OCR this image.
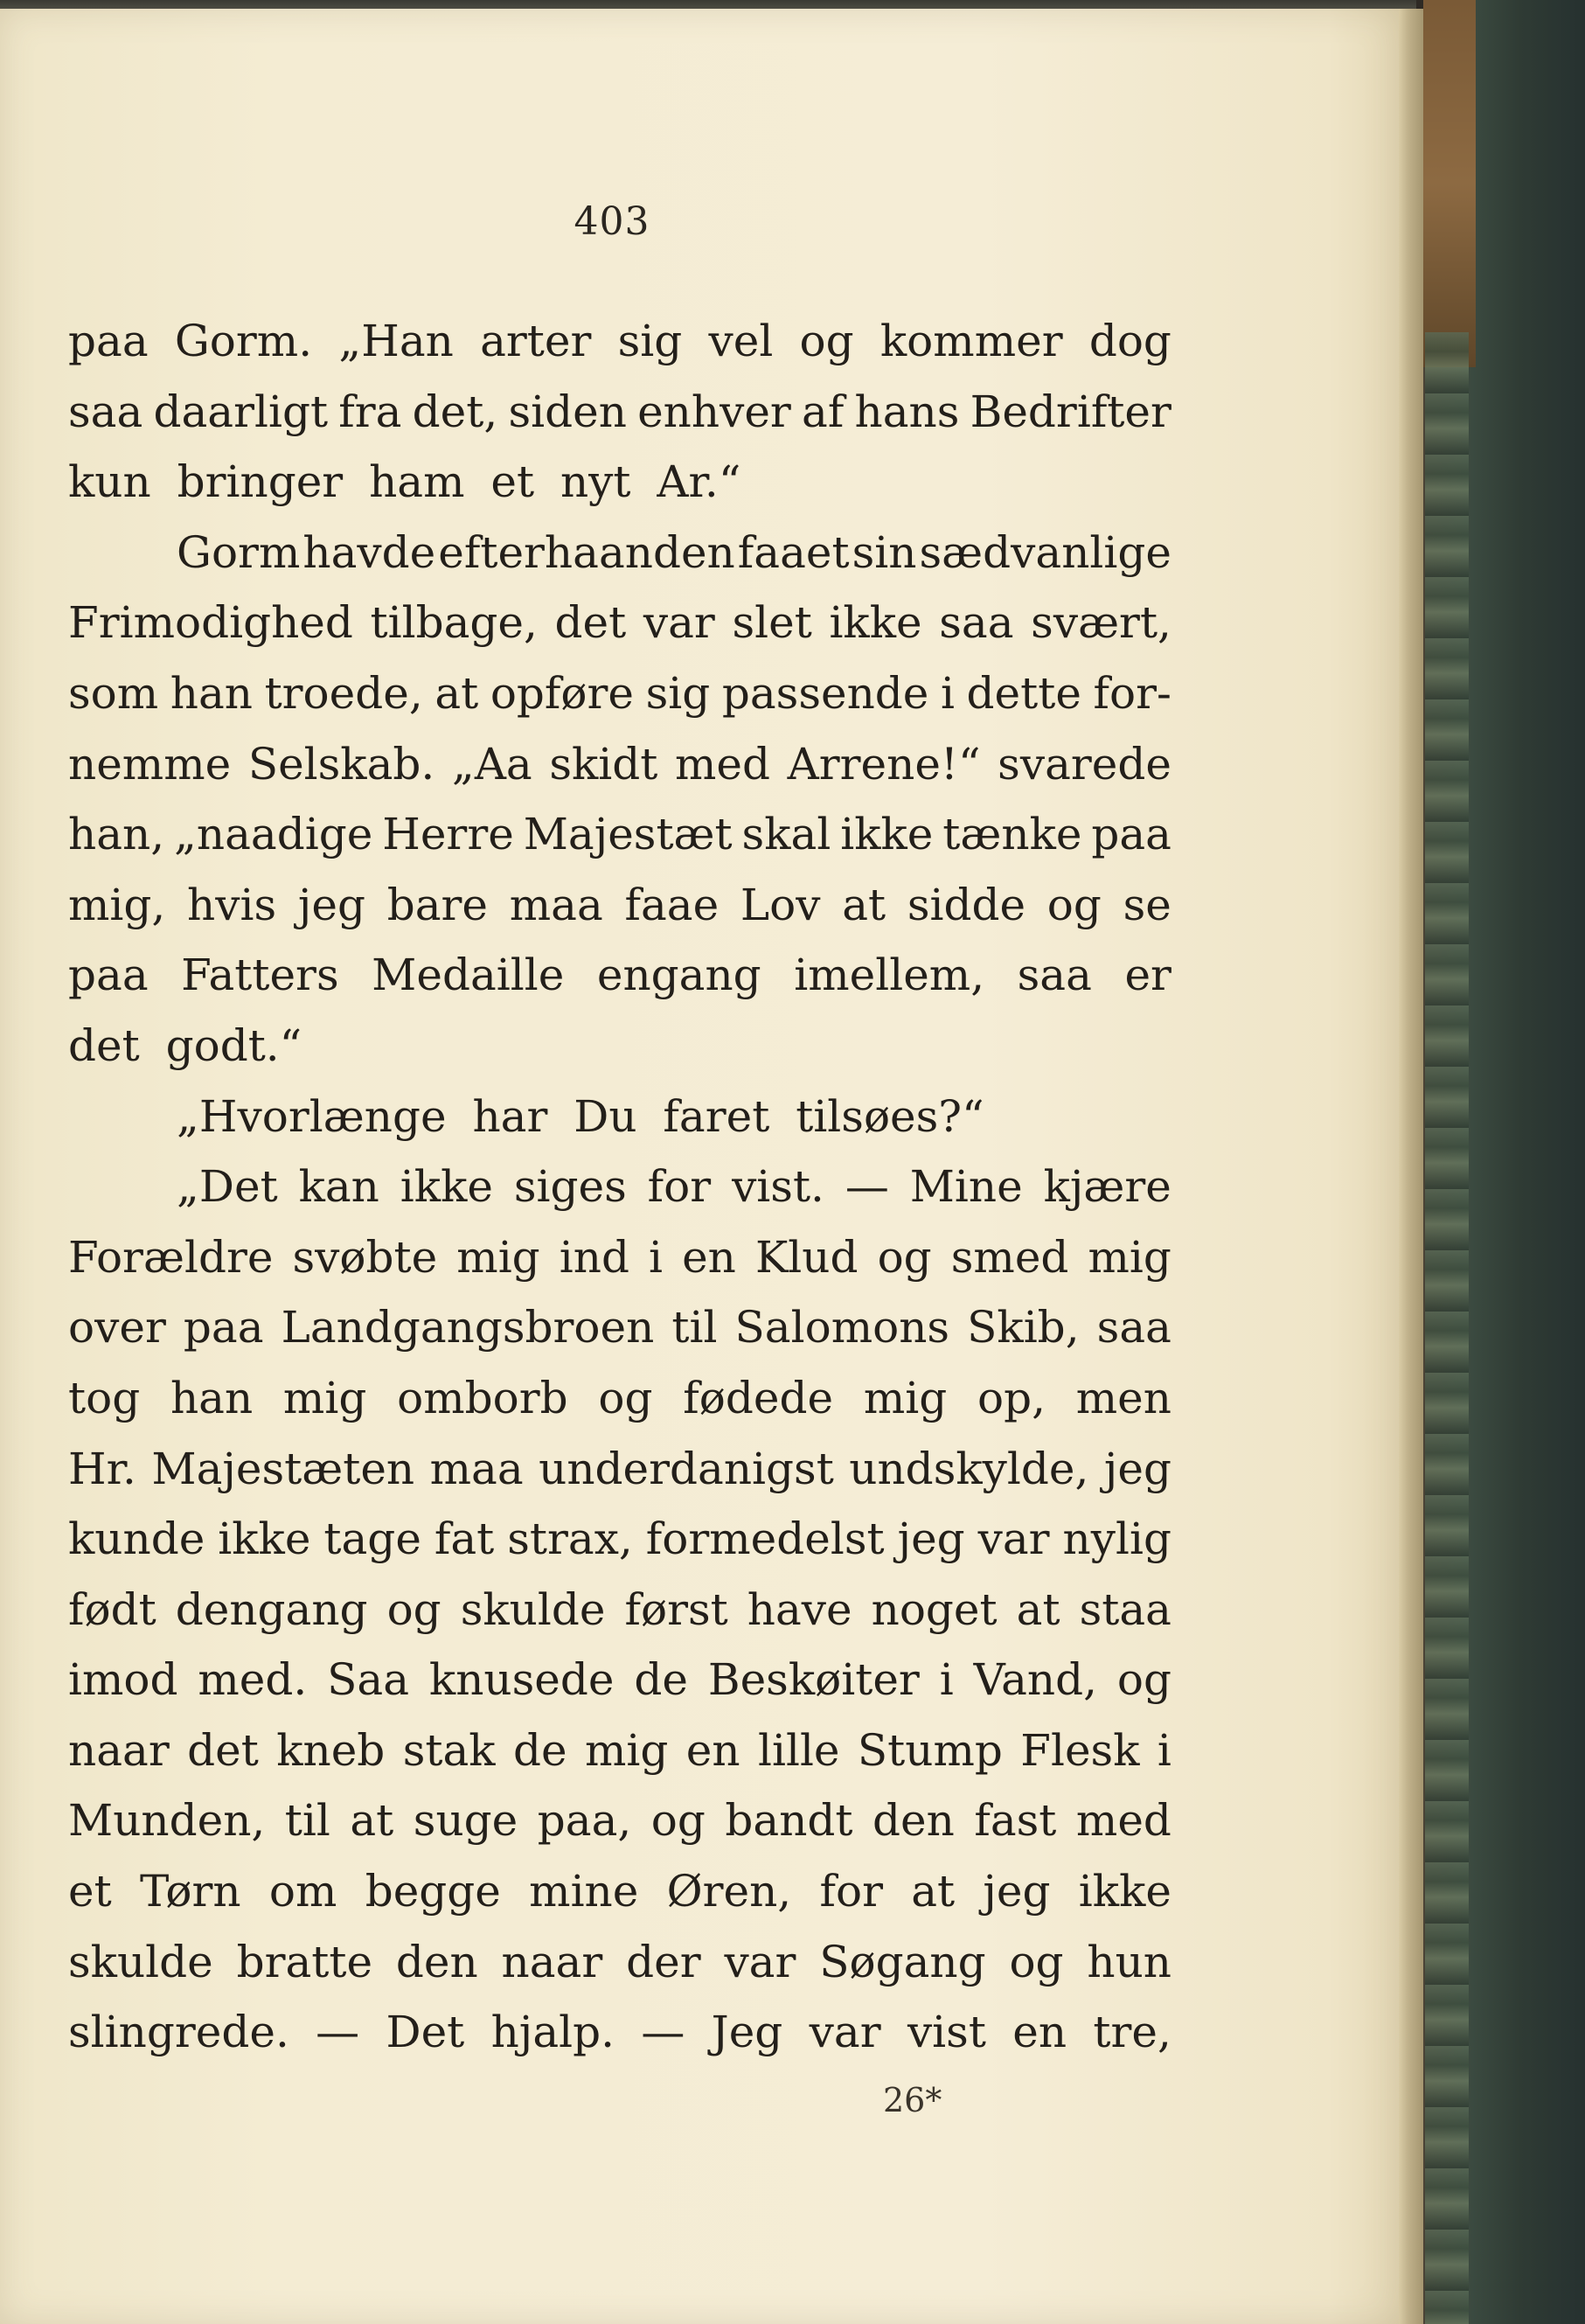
403
paa Gorm. „Han arter sig vel og kommer dog
saa daarligt fra det, siden enhver af hans Bedrifter
kun bringer ham et nyt Ar.“
Gorm havde efterhaanden faaet sin sædvanlige
Frimodighed tilbage, det var slet ikke saa svært,
som han troede, at opføre sig passende i dette for-
nemme Selskab. „Aa skidt med Arrene!“ svarede
han, „naadige Herre Majestæt skal ikke tænke paa
mig, hvis jeg bare maa faae Lov at sidde og se
paa Fatters Medaille engang imellem, saa er
det godt.“
„Hvorlænge har Du faret tilsøes?“
„Det kan ikke siges for vist. — Mine kjære
Forældre svøbte mig ind i en Klud og smed mig
over paa Landgangsbroen til Salomons Skib, saa
tog han mig omborb og fødede mig op, men
Hr. Majestæten maa underdanigst undskylde, jeg
kunde ikke tage fat strax, formedelst jeg var nylig
født dengang og skulde først have noget at staa
imod med. Saa knusede de Beskøiter i Vand, og
naar det kneb stak de mig en lille Stump Flesk i
Munden, til at suge paa, og bandt den fast med
et Tørn om begge mine Øren, for at jeg ikke
skulde bratte den naar der var Søgang og hun
slingrede. — Det hjalp. — Jeg var vist en tre,
26*
